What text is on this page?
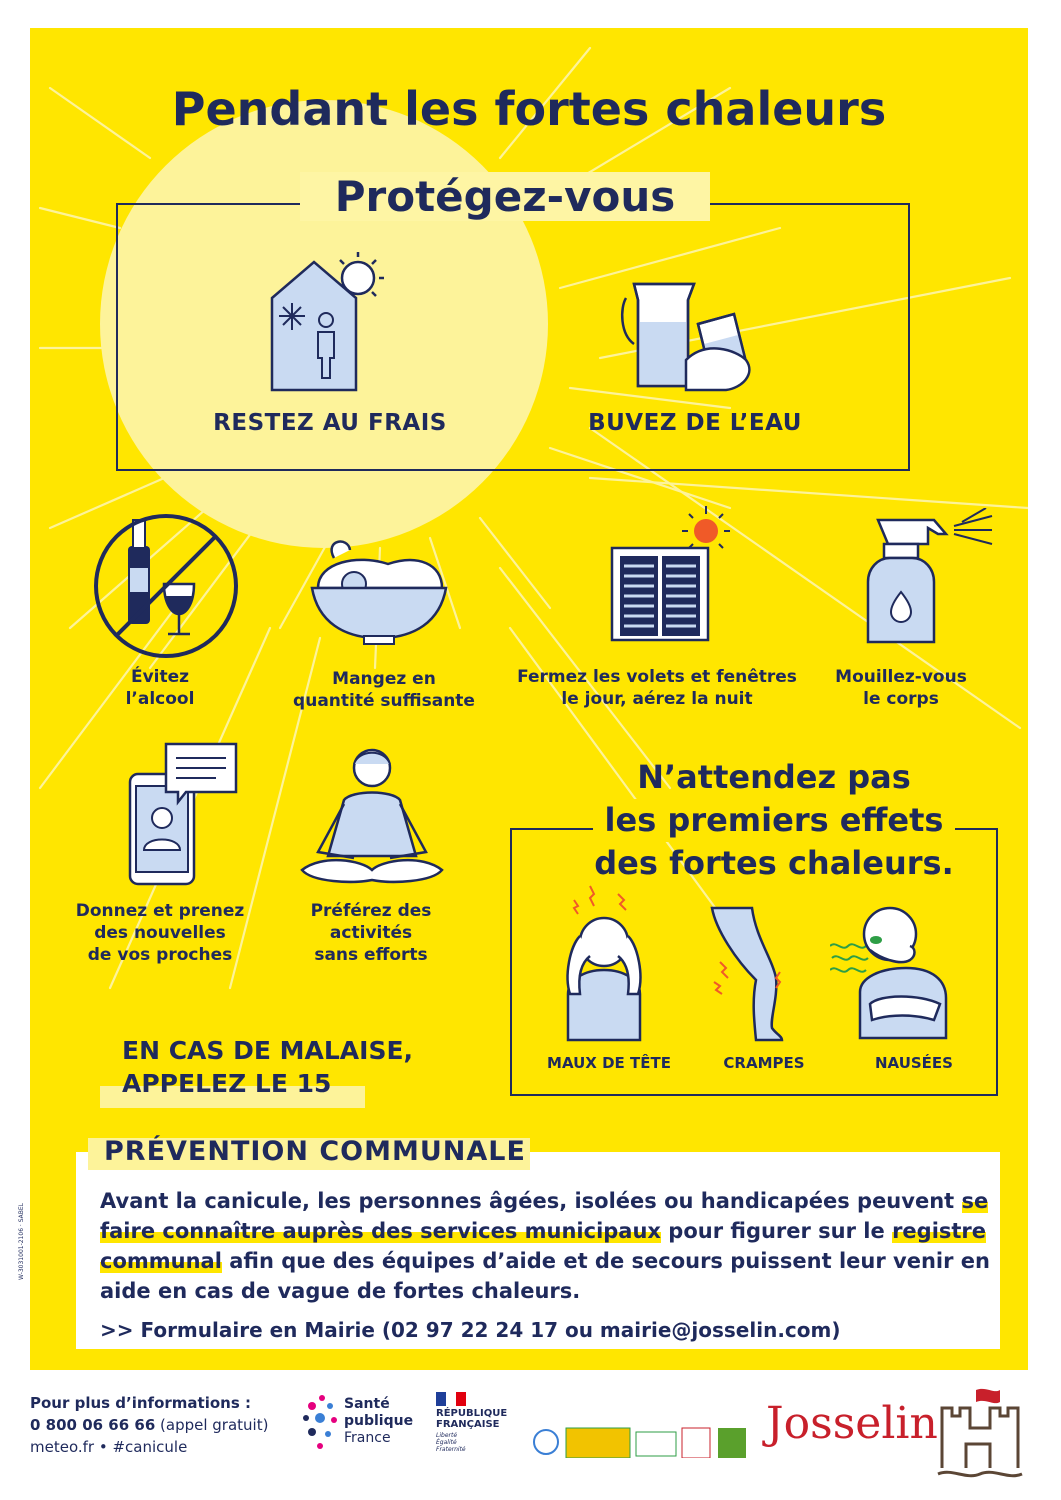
Pendant les fortes chaleurs
Protégez-vous
RESTEZ AU FRAIS	BUVEZ DE L’EAU
Évitez
l’alcool
Mangez en
quantité suffisante
Fermez les volets et fenêtres
le jour, aérez la nuit
Mouillez-vous
le corps
Donnez et prenez
des nouvelles
de vos proches
Préférez des
activités
sans efforts
N’attendez pas
les premiers effets
des fortes chaleurs.
MAUX DE TÊTE	CRAMPES	NAUSÉES
EN CAS DE MALAISE,
APPELEZ LE 15
PRÉVENTION COMMUNALE
Avant la canicule, les personnes âgées, isolées ou handicapées peuvent se faire connaître auprès des services municipaux pour figurer sur le registre communal afin que des équipes d’aide et de secours puissent leur venir en aide en cas de vague de fortes chaleurs.
>> Formulaire en Mairie (02 97 22 24 17 ou mairie@josselin.com)
W-3031001-2106 · SABEL
Pour plus d’informations :
0 800 06 66 66 (appel gratuit)
meteo.fr • #canicule
Santé
publique
France
RÉPUBLIQUE
FRANÇAISE
Liberté
Égalité
Fraternité
Josselin
